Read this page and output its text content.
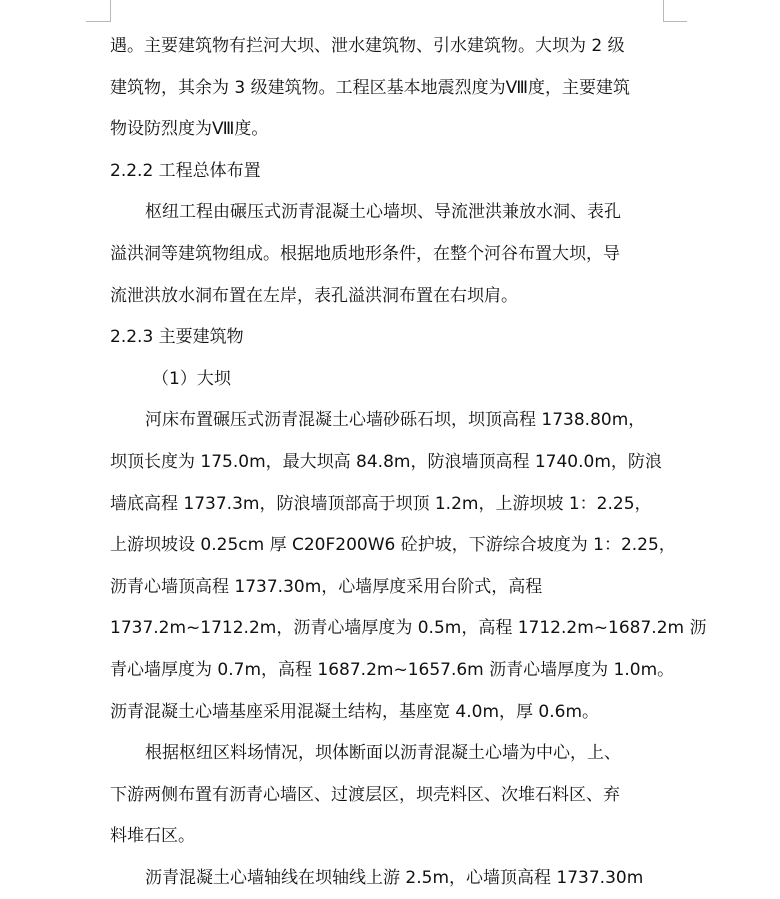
遇。主要建筑物有拦河大坝、泄水建筑物、引水建筑物。大坝为 2 级

建筑物，其余为 3 级建筑物。工程区基本地震烈度为Ⅷ度，主要建筑

物设防烈度为Ⅷ度。

2.2.2 工程总体布置

枢纽工程由碾压式沥青混凝土心墙坝、导流泄洪兼放水洞、表孔

溢洪洞等建筑物组成。根据地质地形条件，在整个河谷布置大坝，导

流泄洪放水洞布置在左岸，表孔溢洪洞布置在右坝肩。

2.2.3 主要建筑物

（1）大坝

河床布置碾压式沥青混凝土心墙砂砾石坝，坝顶高程 1738.80m，

坝顶长度为 175.0m，最大坝高 84.8m，防浪墙顶高程 1740.0m，防浪

墙底高程 1737.3m，防浪墙顶部高于坝顶 1.2m，上游坝坡 1：2.25，

上游坝坡设 0.25cm 厚 C20F200W6 砼护坡，下游综合坡度为 1：2.25，

沥青心墙顶高程 1737.30m，心墙厚度采用台阶式，高程

1737.2m~1712.2m，沥青心墙厚度为 0.5m，高程 1712.2m~1687.2m 沥

青心墙厚度为 0.7m，高程 1687.2m~1657.6m 沥青心墙厚度为 1.0m。

沥青混凝土心墙基座采用混凝土结构，基座宽 4.0m，厚 0.6m。

根据枢纽区料场情况，坝体断面以沥青混凝土心墙为中心，上、

下游两侧布置有沥青心墙区、过渡层区，坝壳料区、次堆石料区、弃

料堆石区。

沥青混凝土心墙轴线在坝轴线上游 2.5m，心墙顶高程 1737.30m
